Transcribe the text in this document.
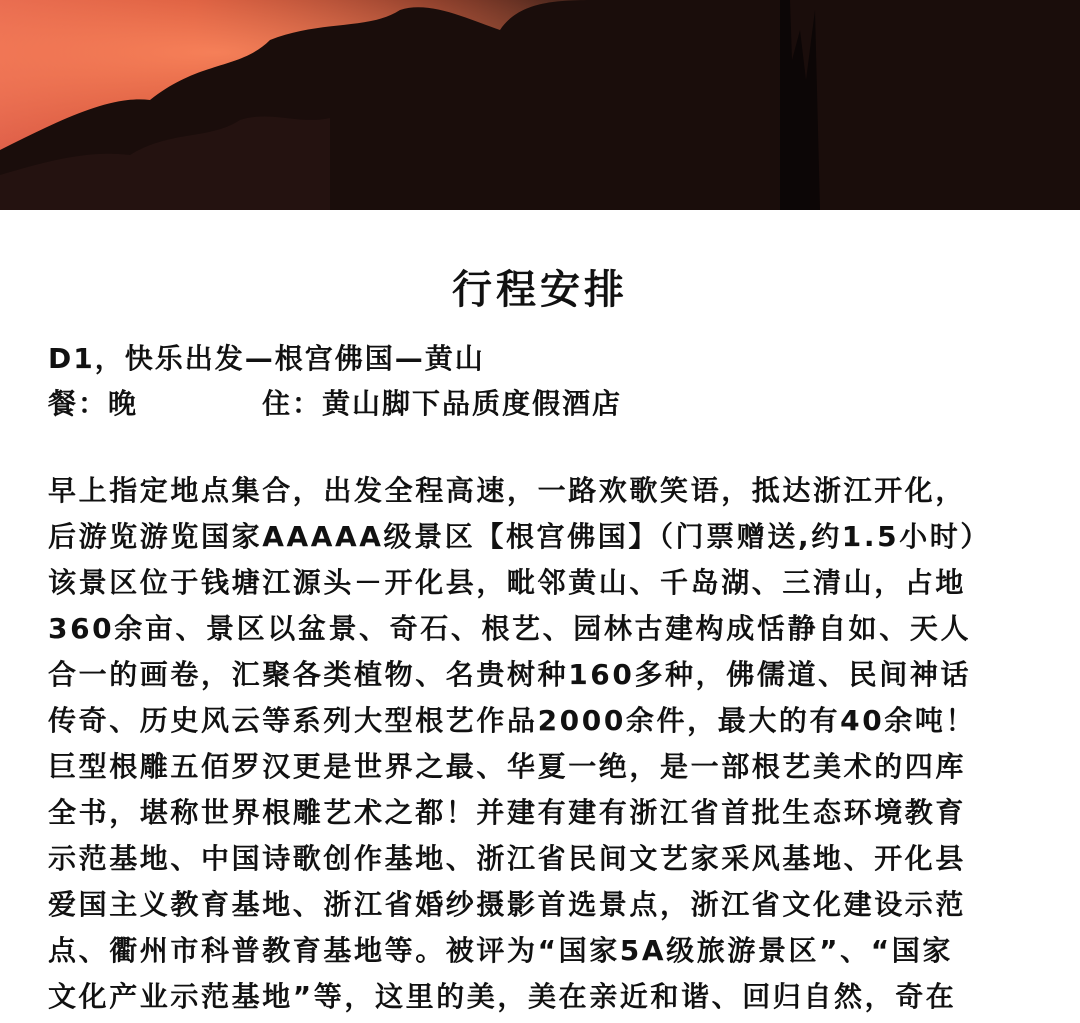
行程安排
D1，快乐出发—根宫佛国—黄山
餐：晚	住：黄山脚下品质度假酒店
早上指定地点集合，出发全程高速，一路欢歌笑语，抵达浙江开化，
后游览游览国家AAAAA级景区【根宫佛国】（门票赠送,约1.5小时）
该景区位于钱塘江源头－开化县，毗邻黄山、千岛湖、三清山，占地
360余亩、景区以盆景、奇石、根艺、园林古建构成恬静自如、天人
合一的画卷，汇聚各类植物、名贵树种160多种，佛儒道、民间神话
传奇、历史风云等系列大型根艺作品2000余件，最大的有40余吨！
巨型根雕五佰罗汉更是世界之最、华夏一绝，是一部根艺美术的四库
全书，堪称世界根雕艺术之都！并建有建有浙江省首批生态环境教育
示范基地、中国诗歌创作基地、浙江省民间文艺家采风基地、开化县
爱国主义教育基地、浙江省婚纱摄影首选景点，浙江省文化建设示范
点、衢州市科普教育基地等。被评为“国家5A级旅游景区”、“国家
文化产业示范基地”等，这里的美，美在亲近和谐、回归自然，奇在
